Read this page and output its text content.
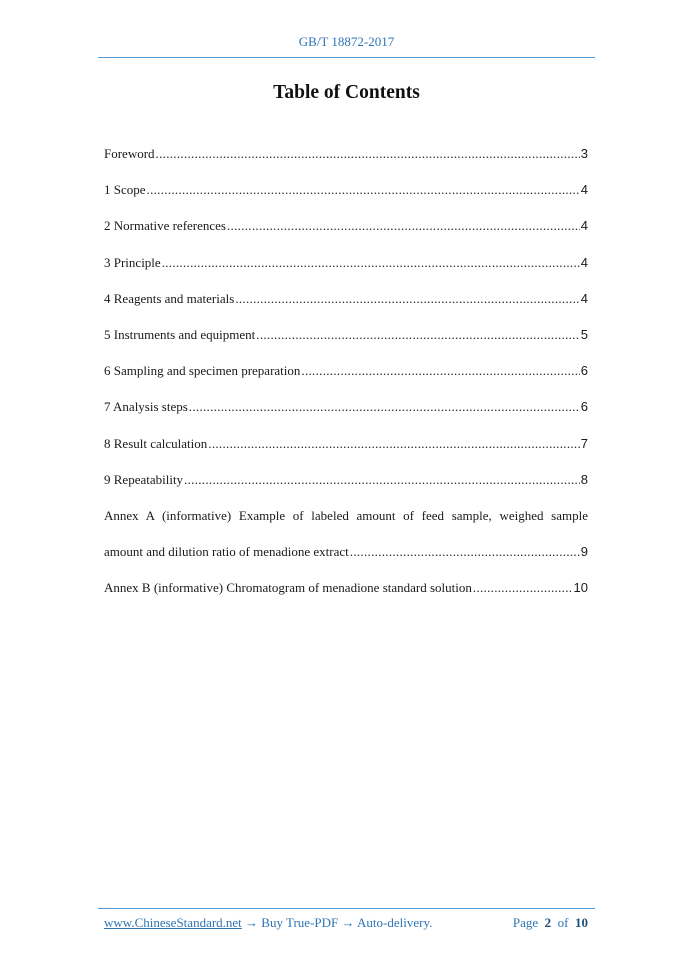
GB/T 18872-2017
Table of Contents
Foreword .....	3
1 Scope .....	4
2 Normative references .....	4
3 Principle .....	4
4 Reagents and materials .....	4
5 Instruments and equipment .....	5
6 Sampling and specimen preparation .....	6
7 Analysis steps .....	6
8 Result calculation .....	7
9 Repeatability .....	8
Annex A (informative) Example of labeled amount of feed sample, weighed sample
amount and dilution ratio of menadione extract .....	9
Annex B (informative) Chromatogram of menadione standard solution .....	10
www.ChineseStandard.net → Buy True-PDF → Auto-delivery.	Page 2 of 10
